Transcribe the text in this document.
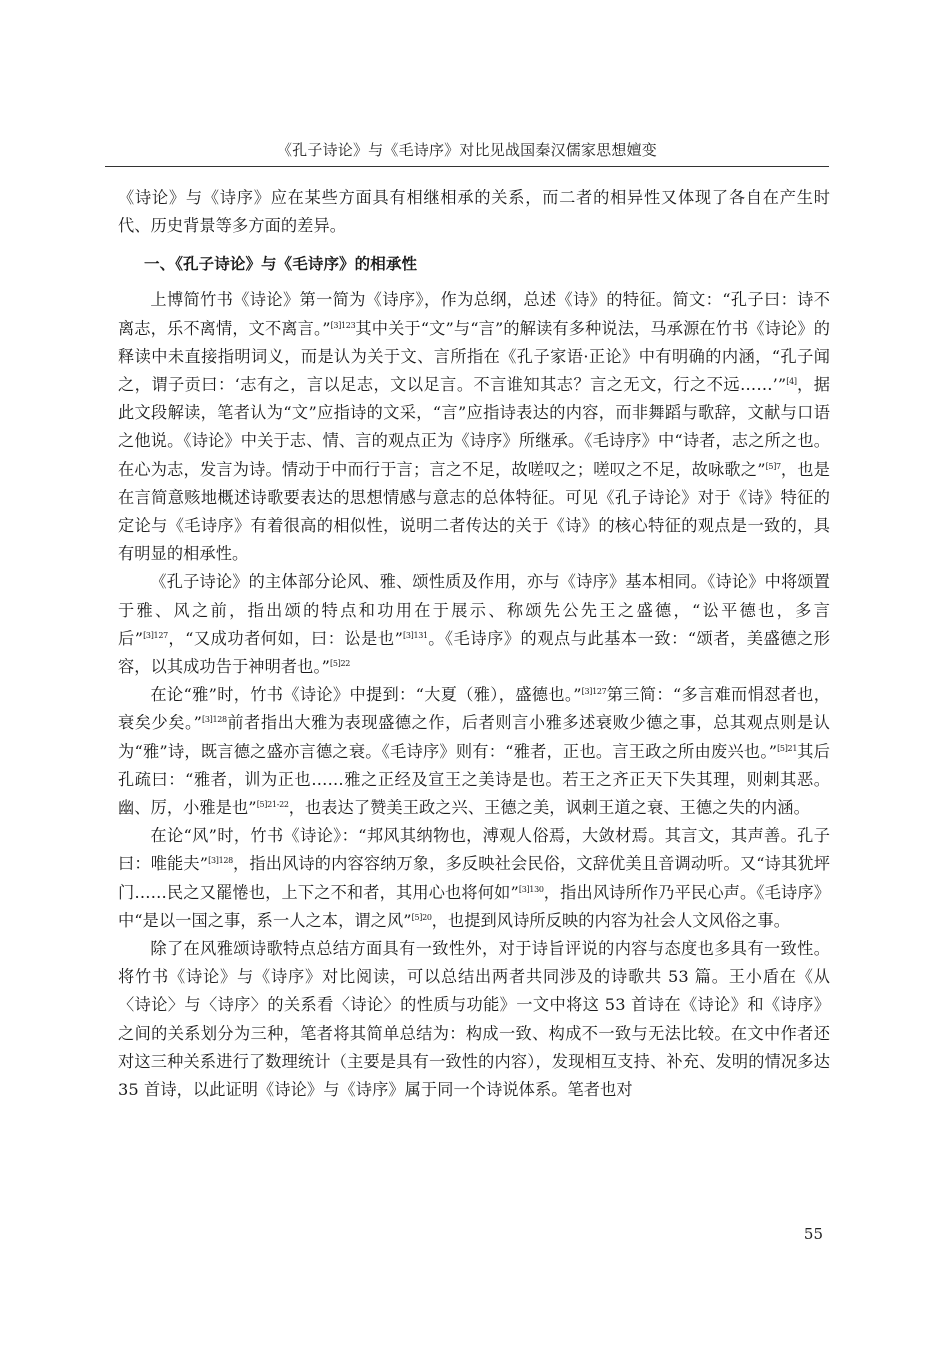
《孔子诗论》与《毛诗序》对比见战国秦汉儒家思想嬗变

《诗论》与《诗序》应在某些方面具有相继相承的关系，而二者的相异性又体现了各自在产生时代、历史背景等多方面的差异。

一、《孔子诗论》与《毛诗序》的相承性

上博简竹书《诗论》第一简为《诗序》，作为总纲，总述《诗》的特征。简文：“孔子曰：诗不离志，乐不离情，文不离言。”$^{[3]123}$其中关于“文”与“言”的解读有多种说法，马承源在竹书《诗论》的释读中未直接指明词义，而是认为关于文、言所指在《孔子家语·正论》中有明确的内涵，“孔子闻之，谓子贡曰：‘志有之，言以足志，文以足言。不言谁知其志？言之无文，行之不远……’”[4]，据此文段解读，笔者认为“文”应指诗的文采，“言”应指诗表达的内容，而非舞蹈与歌辞，文献与口语之他说。《诗论》中关于志、情、言的观点正为《诗序》所继承。《毛诗序》中“诗者，志之所之也。在心为志，发言为诗。情动于中而行于言；言之不足，故嗟叹之；嗟叹之不足，故咏歌之”$^{[5]7}$，也是在言简意赅地概述诗歌要表达的思想情感与意志的总体特征。可见《孔子诗论》对于《诗》特征的定论与《毛诗序》有着很高的相似性，说明二者传达的关于《诗》的核心特征的观点是一致的，具有明显的相承性。

《孔子诗论》的主体部分论风、雅、颂性质及作用，亦与《诗序》基本相同。《诗论》中将颂置于雅、风之前，指出颂的特点和功用在于展示、称颂先公先王之盛德，“讼平德也，多言后”$^{[3]127}$，“又成功者何如，曰：讼是也”$^{[3]131}$。《毛诗序》的观点与此基本一致：“颂者，美盛德之形容，以其成功告于神明者也。”$^{[5]22}$

在论“雅”时，竹书《诗论》中提到：“大夏（雅），盛德也。”$^{[3]127}$第三简：“多言难而悁怼者也，衰矣少矣。”$^{[3]128}$前者指出大雅为表现盛德之作，后者则言小雅多述衰败少德之事，总其观点则是认为“雅”诗，既言德之盛亦言德之衰。《毛诗序》则有：“雅者，正也。言王政之所由废兴也。”$^{[5]21}$其后孔疏曰：“雅者，训为正也……雅之正经及宣王之美诗是也。若王之齐正天下失其理，则刺其恶。幽、厉，小雅是也”$^{[5]21-22}$，也表达了赞美王政之兴、王德之美，讽刺王道之衰、王德之失的内涵。

在论“风”时，竹书《诗论》：“邦风其纳物也，溥观人俗焉，大敛材焉。其言文，其声善。孔子曰：唯能夫”$^{[3]128}$，指出风诗的内容容纳万象，多反映社会民俗，文辞优美且音调动听。又“诗其犹坪门……民之又罷惓也，上下之不和者，其用心也将何如”$^{[3]130}$，指出风诗所作乃平民心声。《毛诗序》中“是以一国之事，系一人之本，谓之风”$^{[5]20}$，也提到风诗所反映的内容为社会人文风俗之事。

除了在风雅颂诗歌特点总结方面具有一致性外，对于诗旨评说的内容与态度也多具有一致性。将竹书《诗论》与《诗序》对比阅读，可以总结出两者共同涉及的诗歌共 53 篇。王小盾在《从〈诗论〉与〈诗序〉的关系看〈诗论〉的性质与功能》一文中将这 53 首诗在《诗论》和《诗序》之间的关系划分为三种，笔者将其简单总结为：构成一致、构成不一致与无法比较。在文中作者还对这三种关系进行了数理统计（主要是具有一致性的内容），发现相互支持、补充、发明的情况多达 35 首诗，以此证明《诗论》与《诗序》属于同一个诗说体系。笔者也对

55
